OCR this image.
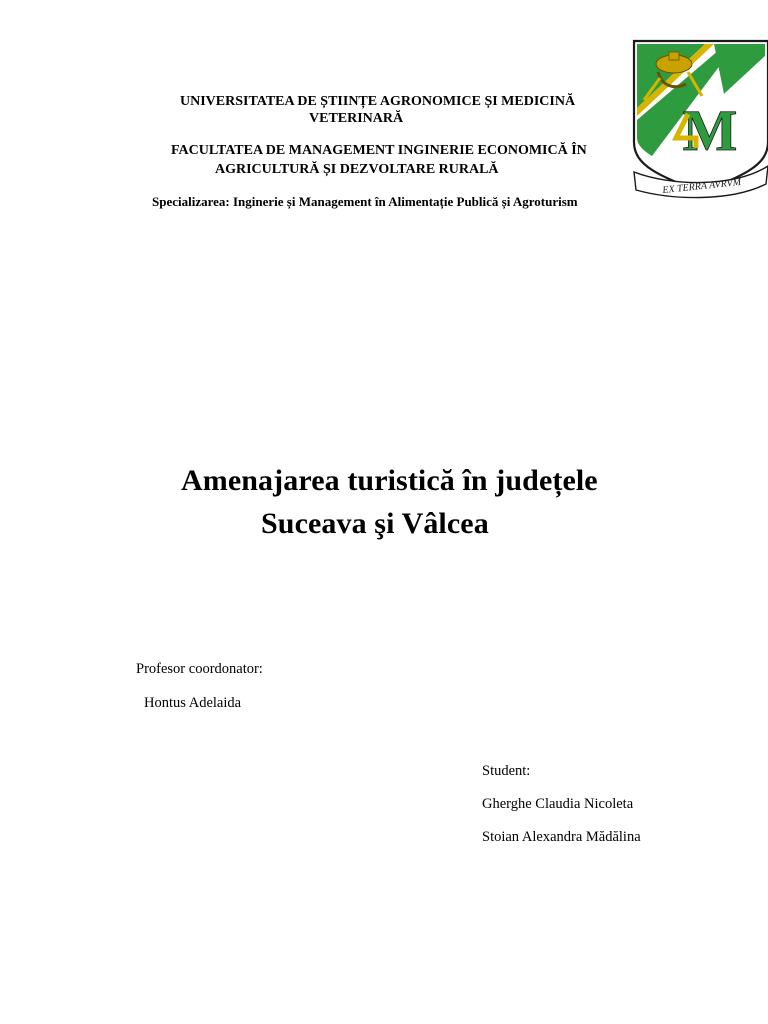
UNIVERSITATEA DE ȘTIINȚE AGRONOMICE ȘI MEDICINĂ
VETERINARĂ
FACULTATEA DE MANAGEMENT INGINERIE ECONOMICĂ ÎN
AGRICULTURĂ ȘI DEZVOLTARE RURALĂ
Specializarea: Inginerie și Management în Alimentație Publică și Agroturism
M
EX TERRA AVRVM
Amenajarea turistică în județele
Suceava şi Vâlcea
Profesor coordonator:
Hontus Adelaida
Student:
Gherghe Claudia Nicoleta
Stoian Alexandra Mădălina
